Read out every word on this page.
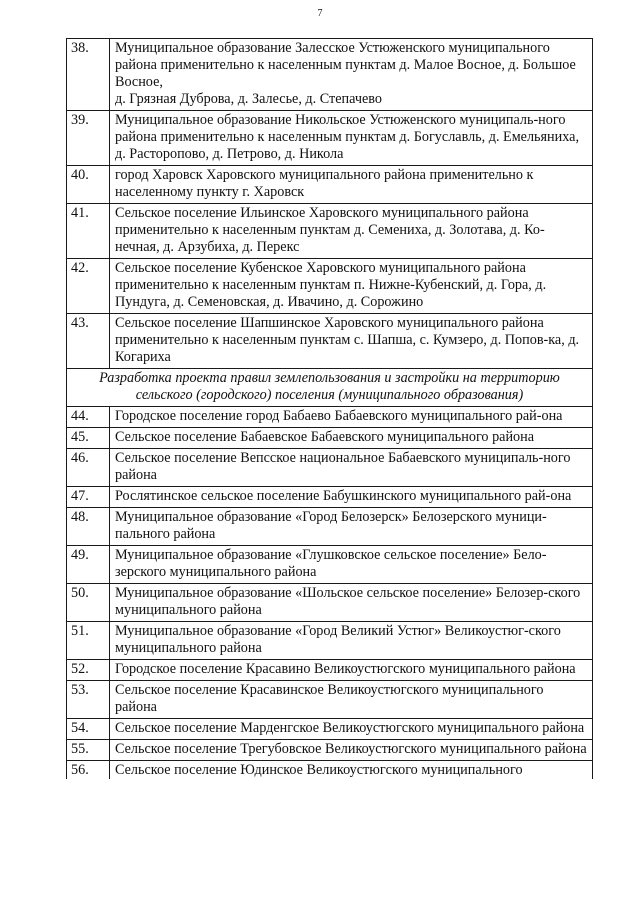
7
38.	Муниципальное образование Залесское Устюженского муниципального района применительно к населенным пунктам д. Малое Восное, д. Большое Восное,
д. Грязная Дуброва, д. Залесье, д. Степачево
39.	Муниципальное образование Никольское Устюженского муниципаль-ного района применительно к населенным пунктам д. Богуславль, д. Емельяниха, д. Расторопово, д. Петрово, д. Никола
40.	город Харовск Харовского муниципального района применительно к населенному пункту г. Харовск
41.	Сельское поселение Ильинское Харовского муниципального района применительно к населенным пунктам д. Семениха, д. Золотава, д. Ко-нечная, д. Арзубиха, д. Перекс
42.	Сельское поселение Кубенское Харовского муниципального района применительно к населенным пунктам п. Нижне-Кубенский, д. Гора, д. Пундуга, д. Семеновская, д. Ивачино, д. Сорожино
43.	Сельское поселение Шапшинское Харовского муниципального района применительно к населенным пунктам с. Шапша, с. Кумзеро, д. Попов-ка, д. Когариха
Разработка проекта правил землепользования и застройки на территорию сельского (городского) поселения (муниципального образования)	
44.	Городское поселение город Бабаево Бабаевского муниципального рай-она
45.	Сельское поселение Бабаевское Бабаевского муниципального района
46.	Сельское поселение Вепсское национальное Бабаевского муниципаль-ного района
47.	Рослятинское сельское поселение Бабушкинского муниципального рай-она
48.	Муниципальное образование «Город Белозерск» Белозерского муници-пального района
49.	Муниципальное образование «Глушковское сельское поселение» Бело-зерского муниципального района
50.	Муниципальное образование «Шольское сельское поселение» Белозер-ского муниципального района
51.	Муниципальное образование «Город Великий Устюг» Великоустюг-ского муниципального района
52.	Городское поселение Красавино Великоустюгского муниципального района
53.	Сельское поселение Красавинское Великоустюгского муниципального района
54.	Сельское поселение Марденгское Великоустюгского муниципального района
55.	Сельское поселение Трегубовское Великоустюгского муниципального района
56.	Сельское поселение Юдинское Великоустюгского муниципального
